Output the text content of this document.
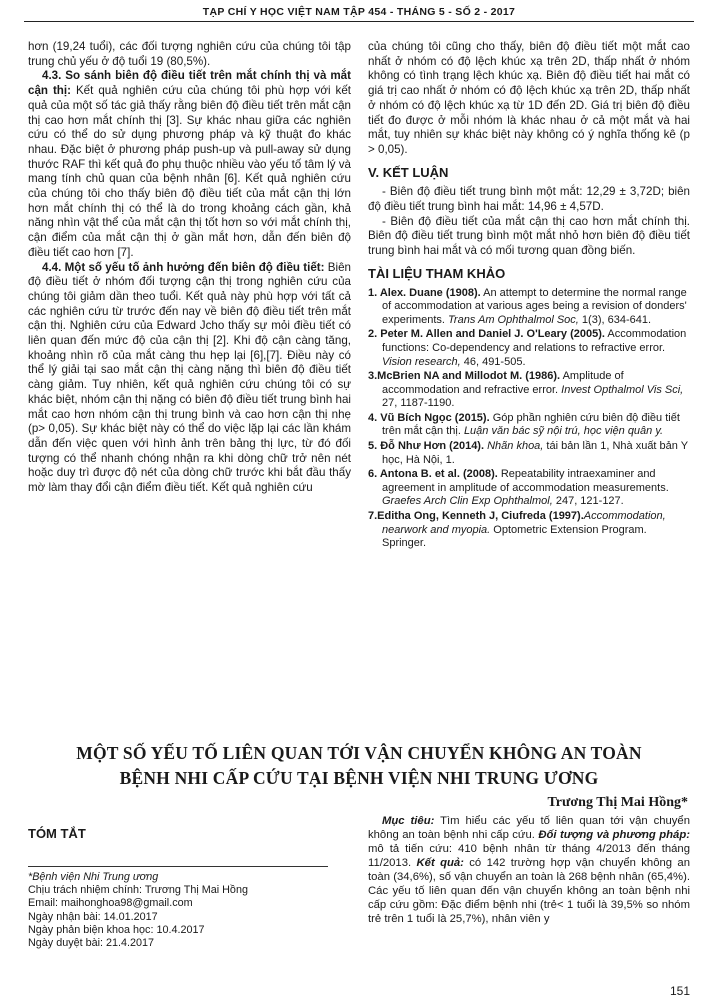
TẠP CHÍ Y HỌC VIỆT NAM TẬP 454 - THÁNG 5 - SỐ 2 - 2017

hơn (19,24 tuổi), các đối tượng nghiên cứu của chúng tôi tập trung chủ yếu ở độ tuổi 19 (80,5%).

4.3. So sánh biên độ điều tiết trên mắt chính thị và mắt cận thị: Kết quả nghiên cứu của chúng tôi phù hợp với kết quả của một số tác giả thấy rằng biên độ điều tiết trên mắt cận thị cao hơn mắt chính thị [3]. Sự khác nhau giữa các nghiên cứu có thể do sử dụng phương pháp và kỹ thuật đo khác nhau. Đặc biệt ở phương pháp push-up và pull-away sử dụng thước RAF thì kết quả đo phụ thuộc nhiều vào yếu tố tâm lý và mang tính chủ quan của bệnh nhân [6]. Kết quả nghiên cứu của chúng tôi cho thấy biên độ điều tiết của mắt cận thị lớn hơn mắt chính thị có thể là do trong khoảng cách gần, khả năng nhìn vật thể của mắt cận thị tốt hơn so với mắt chính thị, cận điểm của mắt cận thị ở gần mắt hơn, dẫn đến biên độ điều tiết cao hơn [7].

4.4. Một số yếu tố ảnh hưởng đến biên độ điều tiết: Biên độ điều tiết ở nhóm đối tượng cận thị trong nghiên cứu của chúng tôi giảm dần theo tuổi. Kết quả này phù hợp với tất cả các nghiên cứu từ trước đến nay về biên độ điều tiết trên mắt cận thị. Nghiên cứu của Edward Jcho thấy sự mỏi điều tiết có liên quan đến mức độ của cận thị [2]. Khi độ cận càng tăng, khoảng nhìn rõ của mắt càng thu hẹp lại [6],[7]. Điều này có thể lý giải tại sao mắt cận thị càng nặng thì biên độ điều tiết càng giảm. Tuy nhiên, kết quả nghiên cứu chúng tôi có sự khác biệt, nhóm cận thị nặng có biên độ điều tiết trung bình hai mắt cao hơn nhóm cận thị trung bình và cao hơn cận thị nhẹ (p> 0,05). Sự khác biệt này có thể do việc lặp lại các lần khám dẫn đến việc quen với hình ảnh trên bảng thị lực, từ đó đối tượng có thể nhanh chóng nhận ra khi dòng chữ trở nên nét hoặc duy trì được độ nét của dòng chữ trước khi bắt đầu thấy mờ làm thay đổi cận điểm điều tiết. Kết quả nghiên cứu

của chúng tôi cũng cho thấy, biên độ điều tiết một mắt cao nhất ở nhóm có độ lệch khúc xạ trên 2D, thấp nhất ở nhóm không có tình trạng lệch khúc xạ. Biên độ điều tiết hai mắt có giá trị cao nhất ở nhóm có độ lệch khúc xạ trên 2D, thấp nhất ở nhóm có độ lệch khúc xạ từ 1D đến 2D. Giá trị biên độ điều tiết đo được ở mỗi nhóm là khác nhau ở cả một mắt và hai mắt, tuy nhiên sự khác biệt này không có ý nghĩa thống kê (p > 0,05).

V. KẾT LUẬN

- Biên độ điều tiết trung bình một mắt: 12,29 ± 3,72D; biên độ điều tiết trung bình hai mắt: 14,96 ± 4,57D.

- Biên độ điều tiết của mắt cận thị cao hơn mắt chính thị. Biên độ điều tiết trung bình một mắt nhỏ hơn biên độ điều tiết trung bình hai mắt và có mối tương quan đồng biến.

TÀI LIỆU THAM KHẢO
1. Alex. Duane (1908). An attempt to determine the normal range of accommodation at various ages being a revision of donders' experiments. Trans Am Ophthalmol Soc, 1(3), 634-641.
2. Peter M. Allen and Daniel J. O'Leary (2005). Accommodation functions: Co-dependency and relations to refractive error. Vision research, 46, 491-505.
3.McBrien NA and Millodot M. (1986). Amplitude of accommodation and refractive error. Invest Opthalmol Vis Sci, 27, 1187-1190.
4. Vũ Bích Ngọc (2015). Góp phần nghiên cứu biên độ điều tiết trên mắt cận thị. Luận văn bác sỹ nội trú, học viện quân y.
5. Đỗ Như Hơn (2014). Nhãn khoa, tái bản lần 1, Nhà xuất bản Y học, Hà Nội, 1.
6. Antona B. et al. (2008). Repeatability intraexaminer and agreement in amplitude of accommodation measurements. Graefes Arch Clin Exp Ophthalmol, 247, 121-127.
7.Editha Ong, Kenneth J, Ciufreda (1997).Accommodation, nearwork and myopia. Optometric Extension Program. Springer.
MỘT SỐ YẾU TỐ LIÊN QUAN TỚI VẬN CHUYỂN KHÔNG AN TOÀN
BỆNH NHI CẤP CỨU TẠI BỆNH VIỆN NHI TRUNG ƯƠNG
Trương Thị Mai Hồng*
TÓM TẮT
*Bệnh viện Nhi Trung ương
Chịu trách nhiệm chính: Trương Thị Mai Hồng
Email: maihonghoa98@gmail.com
Ngày nhận bài: 14.01.2017
Ngày phản biện khoa học: 10.4.2017
Ngày duyệt bài: 21.4.2017

Mục tiêu: Tìm hiểu các yếu tố liên quan tới vận chuyển không an toàn bệnh nhi cấp cứu. Đối tượng và phương pháp: mô tả tiến cứu: 410 bệnh nhân từ tháng 4/2013 đến tháng 11/2013. Kết quả: có 142 trường hợp vận chuyển không an toàn (34,6%), số vận chuyển an toàn là 268 bệnh nhân (65,4%). Các yếu tố liên quan đến vận chuyển không an toàn bệnh nhi cấp cứu gồm: Đặc điểm bệnh nhi (trẻ< 1 tuổi là 39,5% so nhóm trẻ trên 1 tuổi là 25,7%), nhân viên y

151
